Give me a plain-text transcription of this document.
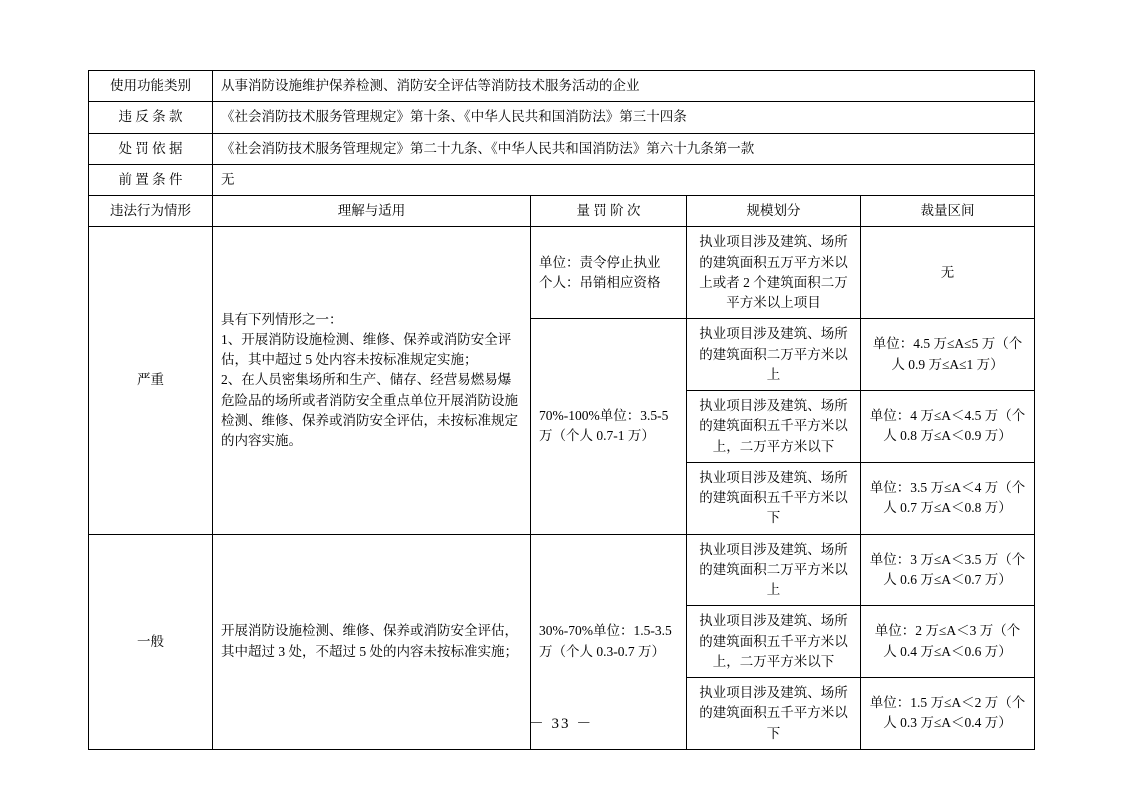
使用功能类别	从事消防设施维护保养检测、消防安全评估等消防技术服务活动的企业			
违 反 条 款	《社会消防技术服务管理规定》第十条、《中华人民共和国消防法》第三十四条			
处 罚 依 据	《社会消防技术服务管理规定》第二十九条、《中华人民共和国消防法》第六十九条第一款			
前 置 条 件	无			
违法行为情形	理解与适用	量 罚 阶 次	规模划分	裁量区间
严重	具有下列情形之一：
1、开展消防设施检测、维修、保养或消防安全评估，其中超过 5 处内容未按标准规定实施；
2、在人员密集场所和生产、储存、经营易燃易爆危险品的场所或者消防安全重点单位开展消防设施检测、维修、保养或消防安全评估，未按标准规定的内容实施。	单位：责令停止执业
个人：吊销相应资格	执业项目涉及建筑、场所的建筑面积五万平方米以上或者 2 个建筑面积二万平方米以上项目	无
		70%-100%单位：3.5-5 万（个人 0.7-1 万）	执业项目涉及建筑、场所的建筑面积二万平方米以上	单位：4.5 万≤A≤5 万（个人 0.9 万≤A≤1 万）
			执业项目涉及建筑、场所的建筑面积五千平方米以上，二万平方米以下	单位：4 万≤A＜4.5 万（个人 0.8 万≤A＜0.9 万）
			执业项目涉及建筑、场所的建筑面积五千平方米以下	单位：3.5 万≤A＜4 万（个人 0.7 万≤A＜0.8 万）
一般	开展消防设施检测、维修、保养或消防安全评估，其中超过 3 处，不超过 5 处的内容未按标准实施；	30%-70%单位：1.5-3.5 万（个人 0.3-0.7 万）	执业项目涉及建筑、场所的建筑面积二万平方米以上	单位：3 万≤A＜3.5 万（个人 0.6 万≤A＜0.7 万）
			执业项目涉及建筑、场所的建筑面积五千平方米以上，二万平方米以下	单位：2 万≤A＜3 万（个人 0.4 万≤A＜0.6 万）
			执业项目涉及建筑、场所的建筑面积五千平方米以下	单位：1.5 万≤A＜2 万（个人 0.3 万≤A＜0.4 万）
－ 33 －
